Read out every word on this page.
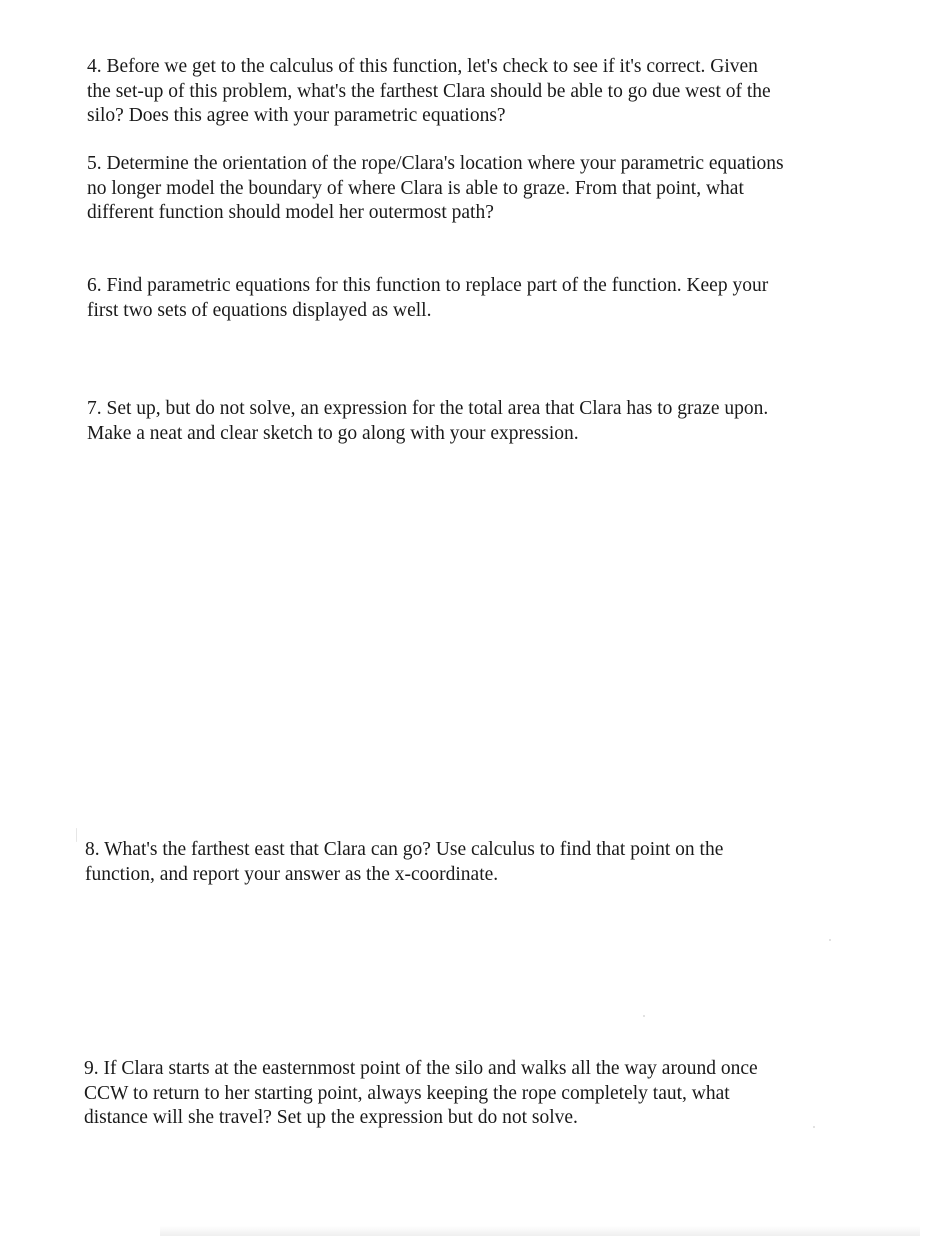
4. Before we get to the calculus of this function, let's check to see if it's correct. Given
the set-up of this problem, what's the farthest Clara should be able to go due west of the
silo? Does this agree with your parametric equations?

5. Determine the orientation of the rope/Clara's location where your parametric equations
no longer model the boundary of where Clara is able to graze. From that point, what
different function should model her outermost path?

6. Find parametric equations for this function to replace part of the function. Keep your
first two sets of equations displayed as well.

7. Set up, but do not solve, an expression for the total area that Clara has to graze upon.
Make a neat and clear sketch to go along with your expression.

8. What's the farthest east that Clara can go? Use calculus to find that point on the
function, and report your answer as the x-coordinate.

9. If Clara starts at the easternmost point of the silo and walks all the way around once
CCW to return to her starting point, always keeping the rope completely taut, what
distance will she travel? Set up the expression but do not solve.
